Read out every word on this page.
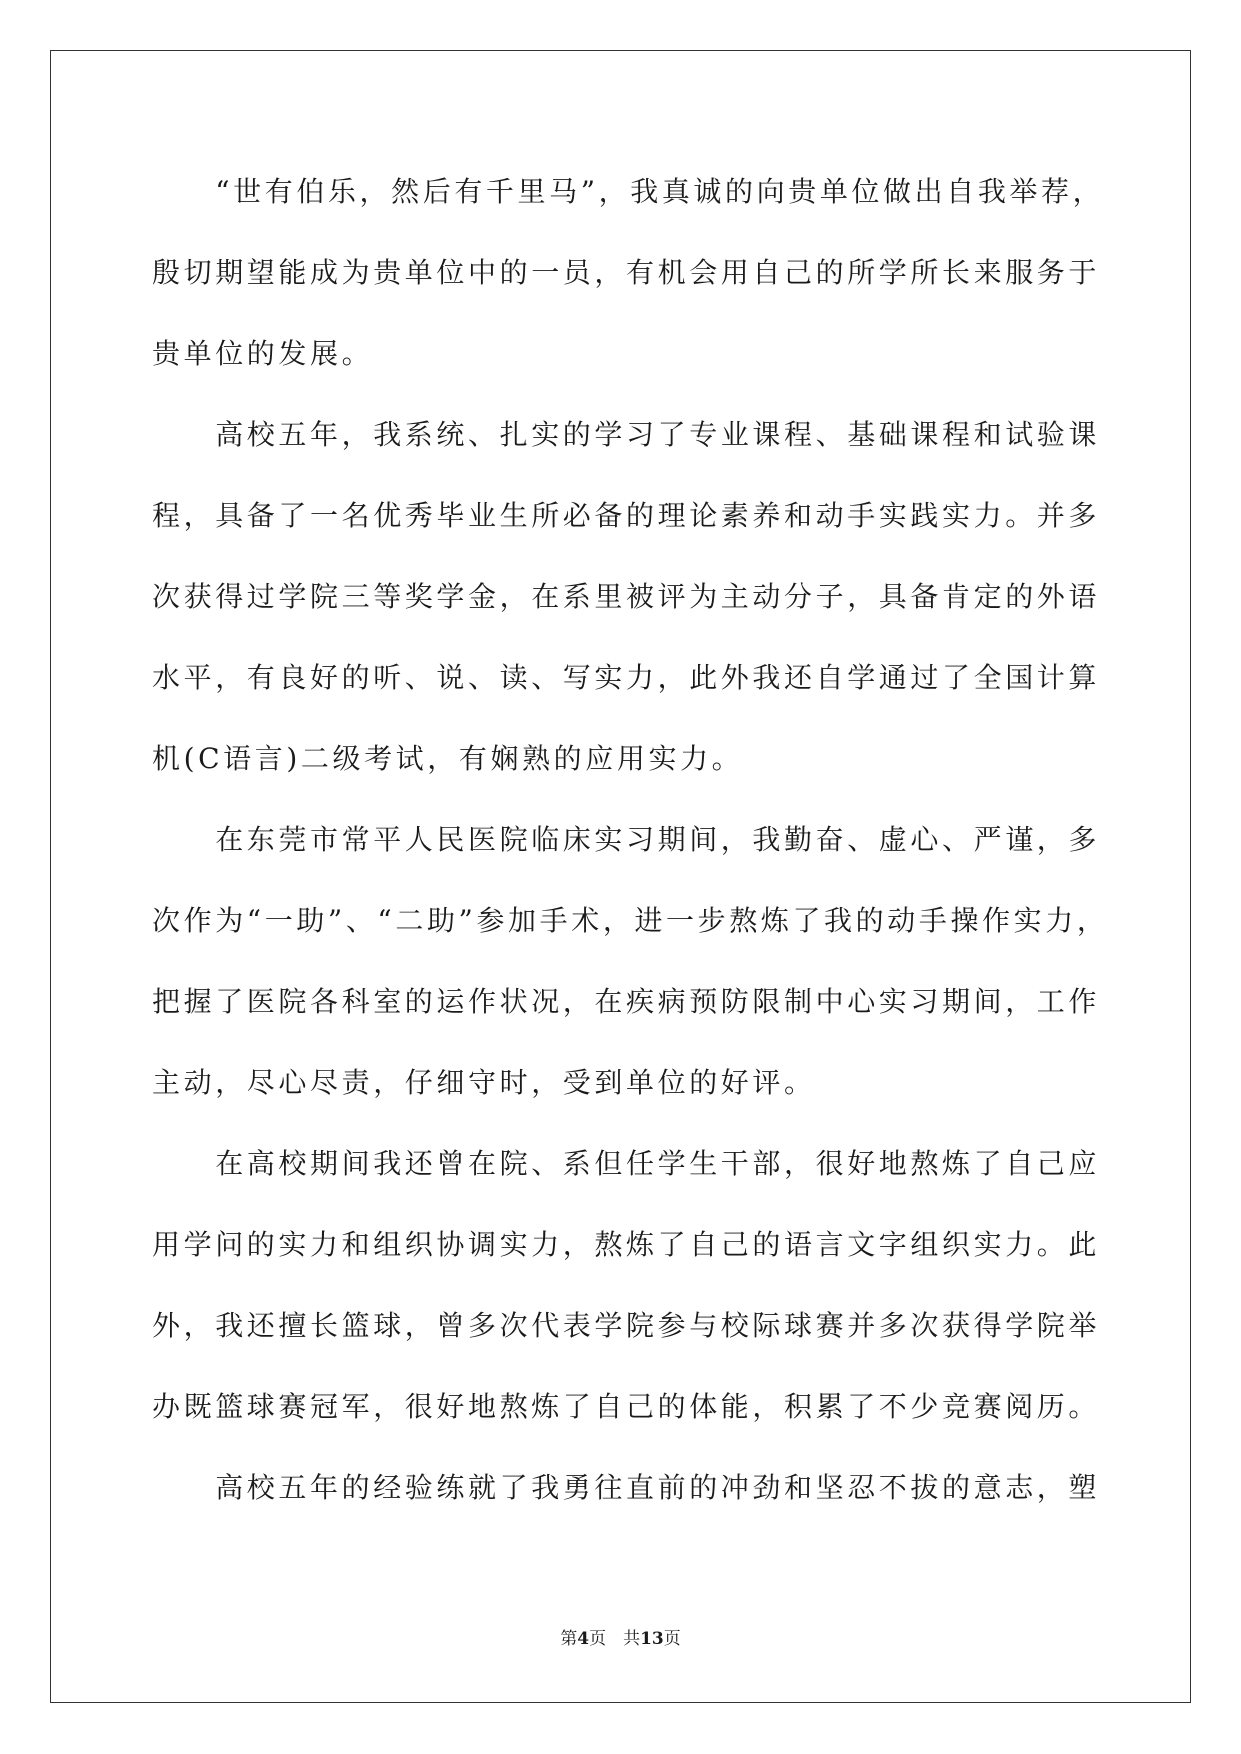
　　“世有伯乐，然后有千里马”，我真诚的向贵单位做出自我举荐，
殷切期望能成为贵单位中的一员，有机会用自己的所学所长来服务于
贵单位的发展。
　　高校五年，我系统、扎实的学习了专业课程、基础课程和试验课
程，具备了一名优秀毕业生所必备的理论素养和动手实践实力。并多
次获得过学院三等奖学金，在系里被评为主动分子，具备肯定的外语
水平，有良好的听、说、读、写实力，此外我还自学通过了全国计算
机(C语言)二级考试，有娴熟的应用实力。
　　在东莞市常平人民医院临床实习期间，我勤奋、虚心、严谨，多
次作为“一助”、“二助”参加手术，进一步熬炼了我的动手操作实力，
把握了医院各科室的运作状况，在疾病预防限制中心实习期间，工作
主动，尽心尽责，仔细守时，受到单位的好评。
　　在高校期间我还曾在院、系但任学生干部，很好地熬炼了自己应
用学问的实力和组织协调实力，熬炼了自己的语言文字组织实力。此
外，我还擅长篮球，曾多次代表学院参与校际球赛并多次获得学院举
办既篮球赛冠军，很好地熬炼了自己的体能，积累了不少竞赛阅历。
　　高校五年的经验练就了我勇往直前的冲劲和坚忍不拔的意志，塑
第4页　共13页
